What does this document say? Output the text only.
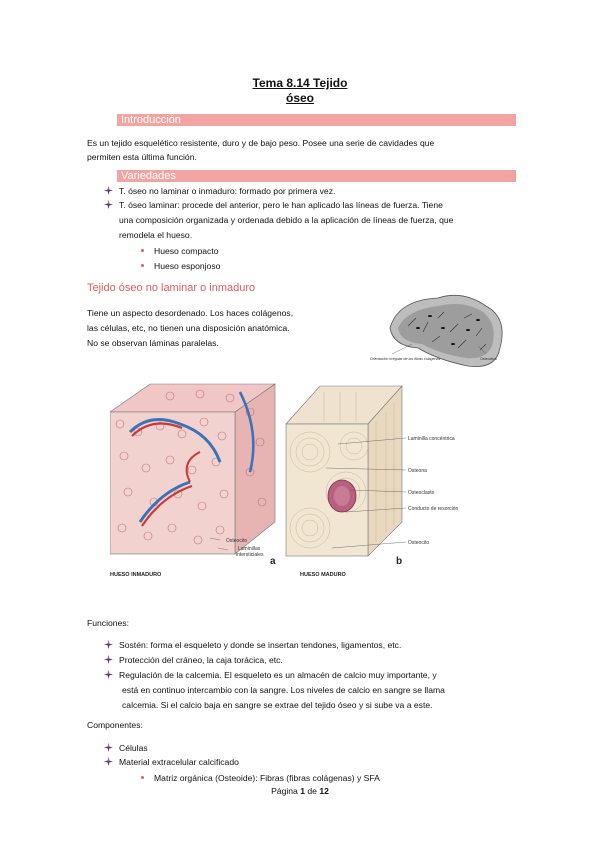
Tema 8.14 Tejido
óseo
Introducción
Es un tejido esquelético resistente, duro y de bajo peso. Posee una serie de cavidades que
permiten esta última función.
Variedades
T. óseo no laminar o inmaduro: formado por primera vez.
T. óseo laminar: procede del anterior, pero le han aplicado las líneas de fuerza. Tiene
una composición organizada y ordenada debido a la aplicación de líneas de fuerza, que
remodela el hueso.
Hueso compacto
Hueso esponjoso
Tejido óseo no laminar o inmaduro
Tiene un aspecto desordenado. Los haces colágenos,
las células, etc, no tienen una disposición anatómica.
No se observan láminas paralelas.
Orientación irregular de las fibras colágenas	Osteocitos
Laminilla concéntrica
Osteona
Osteoclasto
Conducto de resorción
Osteocito
Osteocito
Laminillas
intersticiales
HUESO INMADURO	HUESO MADURO
a	b
Funciones:
Sostén: forma el esqueleto y donde se insertan tendones, ligamentos, etc.
Protección del cráneo, la caja torácica, etc.
Regulación de la calcemia. El esqueleto es un almacén de calcio muy importante, y
está en continuo intercambio con la sangre. Los niveles de calcio en sangre se llama
calcemia. Si el calcio baja en sangre se extrae del tejido óseo y si sube va a este.
Componentes:
Células
Material extracelular calcificado
Matriz orgánica (Osteoide): Fibras (fibras colágenas) y SFA
Página 1 de 12
